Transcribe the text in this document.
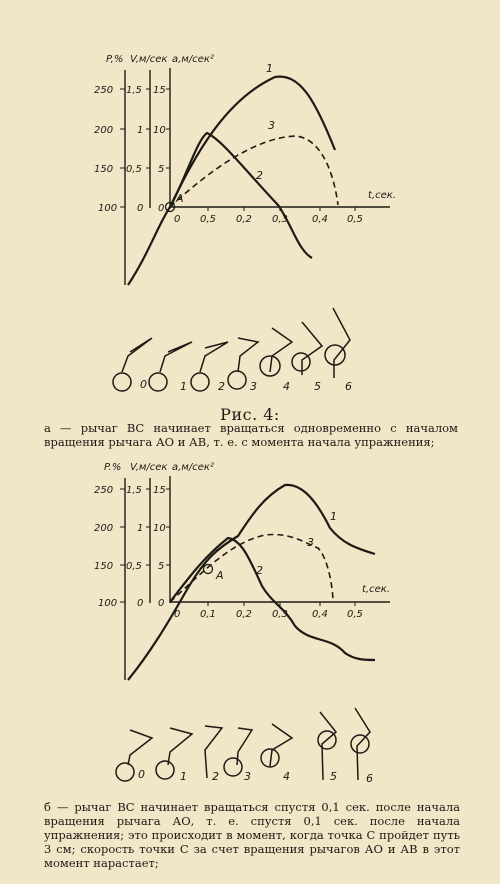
P,% V,м/сек a,м/сек²
t,сек.
250
200
150
100
1,5
1
0,5
0
15
10
5
0
0 0,5 0,2 0,3 0,4 0,5
A
1
2
3
0	1	2 3 4 5 6
Рис. 4:
a — рычаг ВС начинает вращаться одновременно с началом вращения рычага АО и АВ, т. е. с момента начала упражнения;
P.% V,м/сек a,м/сек²
t,сек.
250
200
150
100
1,5
1
0,5
0
15
10
5
0
0 0,1 0,2 0,3 0,4 0,5
A
1
2
3
0	1 2 3	4	5	6
б — рычаг ВС начинает вращаться спустя 0,1 сек. после начала вращения рычага АО, т. е. спустя 0,1 сек. после начала упражнения; это происходит в момент, когда точка С пройдет путь 3 см; скорость точки С за счет вращения рычагов АО и АВ в этот момент нарастает;
